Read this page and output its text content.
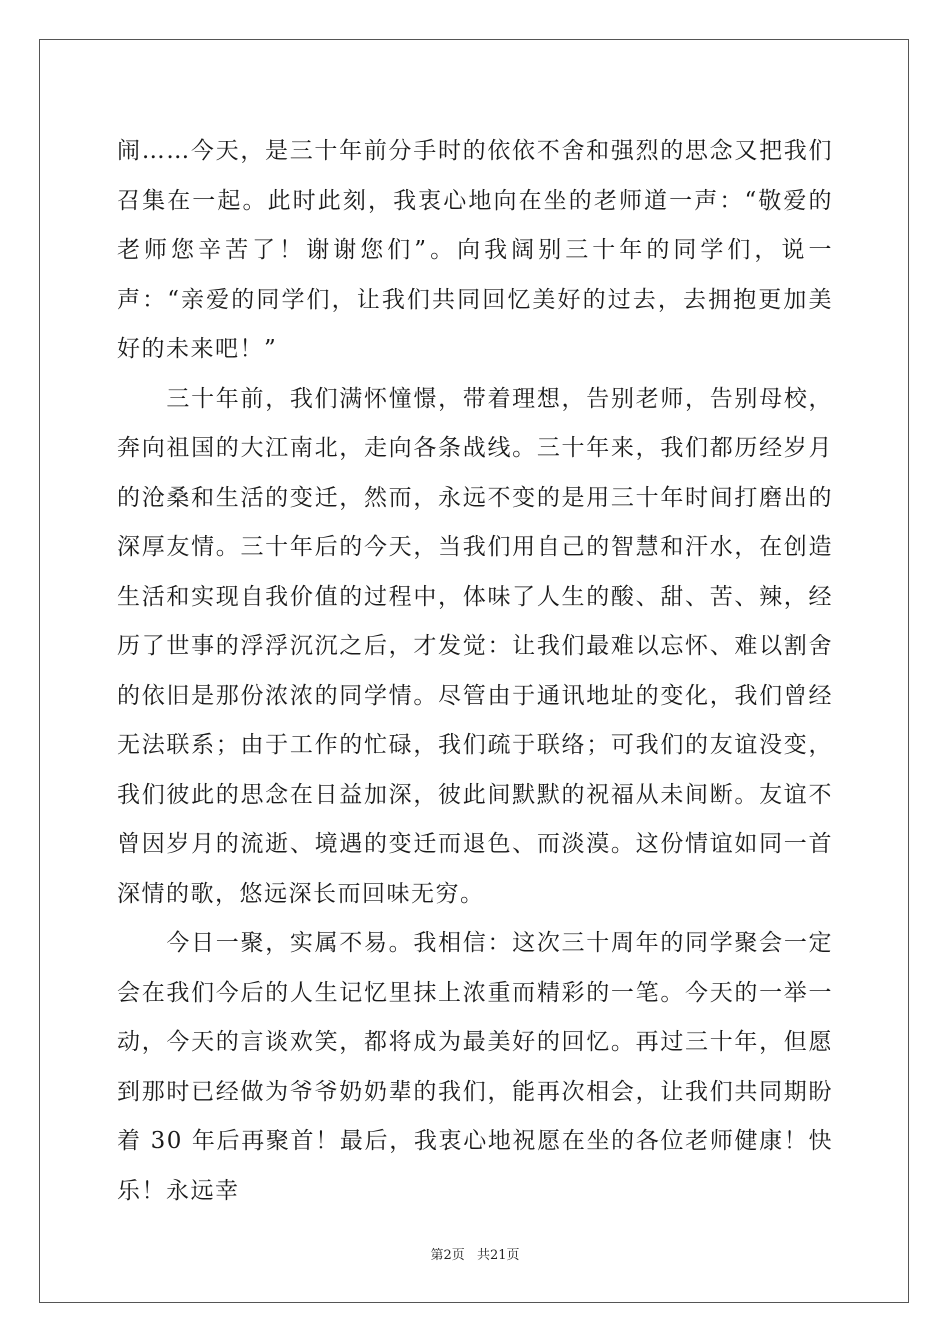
闹……今天，是三十年前分手时的依依不舍和强烈的思念又把我们召集在一起。此时此刻，我衷心地向在坐的老师道一声：“敬爱的老师您辛苦了！谢谢您们”。向我阔别三十年的同学们，说一声：“亲爱的同学们，让我们共同回忆美好的过去，去拥抱更加美好的未来吧！”

　　三十年前，我们满怀憧憬，带着理想，告别老师，告别母校，奔向祖国的大江南北，走向各条战线。三十年来，我们都历经岁月的沧桑和生活的变迁，然而，永远不变的是用三十年时间打磨出的深厚友情。三十年后的今天，当我们用自己的智慧和汗水，在创造生活和实现自我价值的过程中，体味了人生的酸、甜、苦、辣，经历了世事的浮浮沉沉之后，才发觉：让我们最难以忘怀、难以割舍的依旧是那份浓浓的同学情。尽管由于通讯地址的变化，我们曾经无法联系；由于工作的忙碌，我们疏于联络；可我们的友谊没变，我们彼此的思念在日益加深，彼此间默默的祝福从未间断。友谊不曾因岁月的流逝、境遇的变迁而退色、而淡漠。这份情谊如同一首深情的歌，悠远深长而回味无穷。

　　今日一聚，实属不易。我相信：这次三十周年的同学聚会一定会在我们今后的人生记忆里抹上浓重而精彩的一笔。今天的一举一动，今天的言谈欢笑，都将成为最美好的回忆。再过三十年，但愿到那时已经做为爷爷奶奶辈的我们，能再次相会，让我们共同期盼着 30 年后再聚首！最后，我衷心地祝愿在坐的各位老师健康！快乐！永远幸

第2页 共21页
